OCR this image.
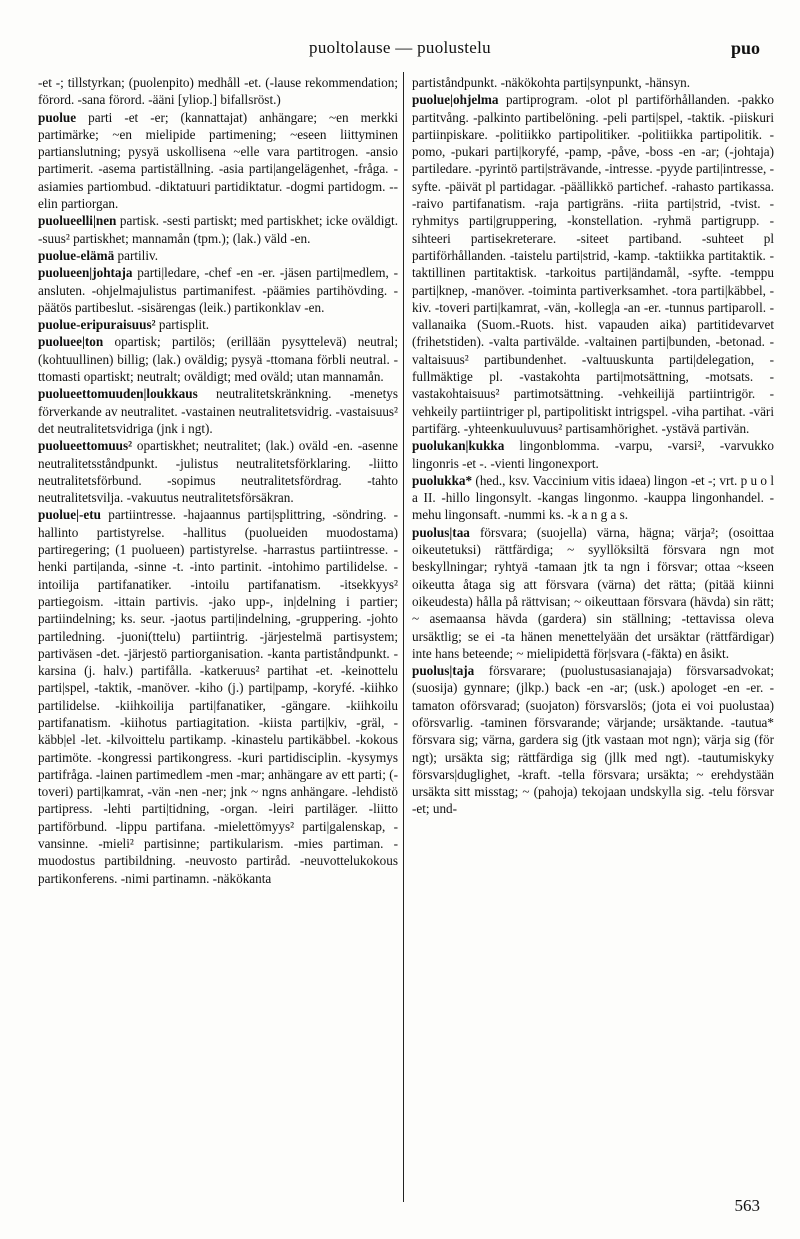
puoltolause — puolustelu	puo

-et -; tillstyrkan; (puolenpito) medhåll -et. (-lause rekommendation; förord. -sana förord. -ääni [yliop.] bifallsröst.)

puolue parti -et -er; (kannattajat) anhängare; ~en merkki partimärke; ~en mielipide partimening; ~eseen liittyminen partianslutning; pysyä uskollisena ~elle vara partitrogen. -ansio partimerit. -asema partiställning. -asia parti|angelägenhet, -fråga. -asiamies partiombud. -diktatuuri partidiktatur. -dogmi partidogm. --elin partiorgan.

puolueelli|nen partisk. -sesti partiskt; med partiskhet; icke oväldigt. -suus² partiskhet; mannamån (tpm.); (lak.) väld -en.

puolue-elämä partiliv.

puolueen|johtaja parti|ledare, -chef -en -er. -jäsen parti|medlem, -ansluten. -ohjelmajulistus partimanifest. -päämies partihövding. -päätös partibeslut. -sisärengas (leik.) partikonklav -en.

puolue-eripuraisuus² partisplit.

puoluee|ton opartisk; partilös; (erillään pysyttelevä) neutral; (kohtuullinen) billig; (lak.) oväldig; pysyä -ttomana förbli neutral. -ttomasti opartiskt; neutralt; oväldigt; med oväld; utan mannamån.

puolueettomuuden|loukkaus neutralitetskränkning. -menetys förverkande av neutralitet. -vastainen neutralitetsvidrig. -vastaisuus² det neutralitetsvidriga (jnk i ngt).

puolueettomuus² opartiskhet; neutralitet; (lak.) oväld -en. -asenne neutralitetsståndpunkt. -julistus neutralitetsförklaring. -liitto neutralitetsförbund. -sopimus neutralitetsfördrag. -tahto neutralitetsvilja. -vakuutus neutralitetsförsäkran.

puolue|-etu partiintresse. -hajaannus parti|splittring, -söndring. -hallinto partistyrelse. -hallitus (puolueiden muodostama) partiregering; (1 puolueen) partistyrelse. -harrastus partiintresse. -henki parti|anda, -sinne -t. -into partinit. -intohimo partilidelse. -intoilija partifanatiker. -intoilu partifanatism. -itsekkyys² partiegoism. -ittain partivis. -jako upp-, in|delning i partier; partiindelning; ks. seur. -jaotus parti|indelning, -gruppering. -johto partiledning. -juoni(ttelu) partiintrig. -järjestelmä partisystem; partiväsen -det. -järjestö partiorganisation. -kanta partiståndpunkt. -karsina (j. halv.) partifålla. -katkeruus² partihat -et. -keinottelu parti|spel, -taktik, -manöver. -kiho (j.) parti|pamp, -koryfé. -kiihko partilidelse. -kiihkoilija parti|fanatiker, -gängare. -kiihkoilu partifanatism. -kiihotus partiagitation. -kiista parti|kiv, -gräl, -käbb|el -let. -kilvoittelu partikamp. -kinastelu partikäbbel. -kokous partimöte. -kongressi partikongress. -kuri partidisciplin. -kysymys partifråga. -lainen partimedlem -men -mar; anhängare av ett parti; (-toveri) parti|kamrat, -vän -nen -ner; jnk ~ ngns anhängare. -lehdistö partipress. -lehti parti|tidning, -organ. -leiri partiläger. -liitto partiförbund. -lippu partifana. -mielettömyys² parti|galenskap, -vansinne. -mieli² partisinne; partikularism. -mies partiman. -muodostus partibildning. -neuvosto partiråd. -neuvottelukokous partikonferens. -nimi partinamn. -näkökanta

partiståndpunkt. -näkökohta parti|synpunkt, -hänsyn.

puolue|ohjelma partiprogram. -olot pl partiförhållanden. -pakko partitvång. -palkinto partibelöning. -peli parti|spel, -taktik. -piiskuri partiinpiskare. -politiikko partipolitiker. -politiikka partipolitik. -pomo, -pukari parti|koryfé, -pamp, -påve, -boss -en -ar; (-johtaja) partiledare. -pyrintö parti|strävande, -intresse. -pyyde parti|intresse, -syfte. -päivät pl partidagar. -päällikkö partichef. -rahasto partikassa. -raivo partifanatism. -raja partigräns. -riita parti|strid, -tvist. -ryhmitys parti|gruppering, -konstellation. -ryhmä partigrupp. -sihteeri partisekreterare. -siteet partiband. -suhteet pl partiförhållanden. -taistelu parti|strid, -kamp. -taktiikka partitaktik. -taktillinen partitaktisk. -tarkoitus parti|ändamål, -syfte. -temppu parti|knep, -manöver. -toiminta partiverksamhet. -tora parti|käbbel, -kiv. -toveri parti|kamrat, -vän, -kolleg|a -an -er. -tunnus partiparoll. -vallanaika (Suom.-Ruots. hist. vapauden aika) partitidevarvet (frihetstiden). -valta partivälde. -valtainen parti|bunden, -betonad. -valtaisuus² partibundenhet. -valtuuskunta parti|delegation, -fullmäktige pl. -vastakohta parti|motsättning, -motsats. -vastakohtaisuus² partimotsättning. -vehkeilijä partiintrigör. -vehkeily partiintriger pl, partipolitiskt intrigspel. -viha partihat. -väri partifärg. -yhteenkuuluvuus² partisamhörighet. -ystävä partivän.

puolukan|kukka lingonblomma. -varpu, -varsi², -varvukko lingonris -et -. -vienti lingonexport.

puolukka* (hed., ksv. Vaccinium vitis idaea) lingon -et -; vrt. p u o l a II. -hillo lingonsylt. -kangas lingonmo. -kauppa lingonhandel. -mehu lingonsaft. -nummi ks. -k a n g a s.

puolus|taa försvara; (suojella) värna, hägna; värja²; (osoittaa oikeutetuksi) rättfärdiga; ~ syyllöksiltä försvara ngn mot beskyllningar; ryhtyä -tamaan jtk ta ngn i försvar; ottaa ~kseen oikeutta åtaga sig att försvara (värna) det rätta; (pitää kiinni oikeudesta) hålla på rättvisan; ~ oikeuttaan försvara (hävda) sin rätt; ~ asemaansa hävda (gardera) sin ställning; -tettavissa oleva ursäktlig; se ei -ta hänen menettelyään det ursäktar (rättfärdigar) inte hans beteende; ~ mielipidettä för|svara (-fäkta) en åsikt.

puolus|taja försvarare; (puolustusasianajaja) försvarsadvokat; (suosija) gynnare; (jlkp.) back -en -ar; (usk.) apologet -en -er. -tamaton oförsvarad; (suojaton) försvarslös; (jota ei voi puolustaa) oförsvarlig. -taminen försvarande; värjande; ursäktande. -tautua* försvara sig; värna, gardera sig (jtk vastaan mot ngn); värja sig (för ngt); ursäkta sig; rättfärdiga sig (jllk med ngt). -tautumiskyky försvars|duglighet, -kraft. -tella försvara; ursäkta; ~ erehdystään ursäkta sitt misstag; ~ (pahoja) tekojaan undskylla sig. -telu försvar -et; und-

563
